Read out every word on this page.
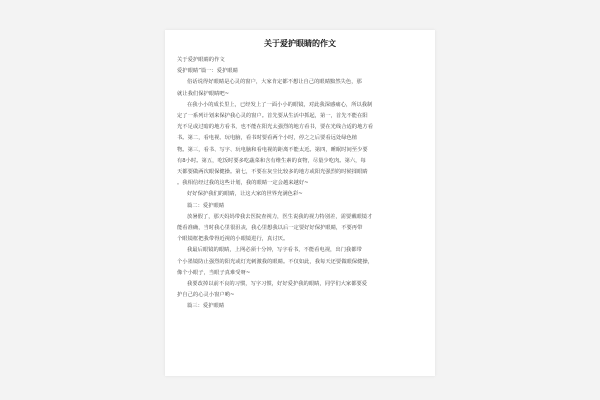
关于爱护眼睛的作文
关于爱护眼睛的作文
爱护眼睛”篇一：爱护眼睛
俗话说得好眼睛是心灵的窗户，大家肯定都不想让自己的眼睛黯然失色，那
就让我们保护眼睛吧~
在我小小的成长里上，已经发上了一面小小的眼镜，对此我深感痛心，所以我制
定了一系列计划来保护我心灵的窗户。首先要从生活中抓起，第一，首先不能在阳
光不足或过暗的地方看书，也不能在阳光太强烈的地方看书，要在光线合适的地方看
书。第二，看电视、玩电脑，看书时要看两个小时，停之之后要看远处绿色植
物。第三，看书、写字、玩电脑和看电视的距离不能太近。第四，睡眠时间至少要
有8小时。第五，吃饭时要多吃蔬菜和含有维生素的食物，尽量少吃肉。第六，每
天都要做两次眼保健操。第七，不要在灰尘比较多的地方或阳光强烈的时候揉眼睛
。我相信经过我的这些计划，我的眼睛一定会越来越好~
好好保护我们的眼睛，让这大家的世界充满色彩~
篇二：爱护眼睛
放暑假了，那天妈妈带我去医院查视力，医生说我的视力特别差，需要戴眼镜才
能看准确，当时我心里很沮丧，我心里想我以后一定要好好保护眼睛，不要再带
个眼镜框把我带得近视的小眼镜进行，真讨厌。
我最后眼镜的眼睛，上网必须十分钟，写字看书，不能看电视，出门我都带
个小墨镜防止强烈的阳光或灯光刺激我的眼睛。不仅如此，我每天还要做眼保健操，
像个小眼子，当眼子真难受呀~
我要改掉以前不良的习惯，写字习惯，好好爱护我的眼睛，同学们大家都要爱
护自己的心灵小窗户哟~
篇三：爱护眼睛
